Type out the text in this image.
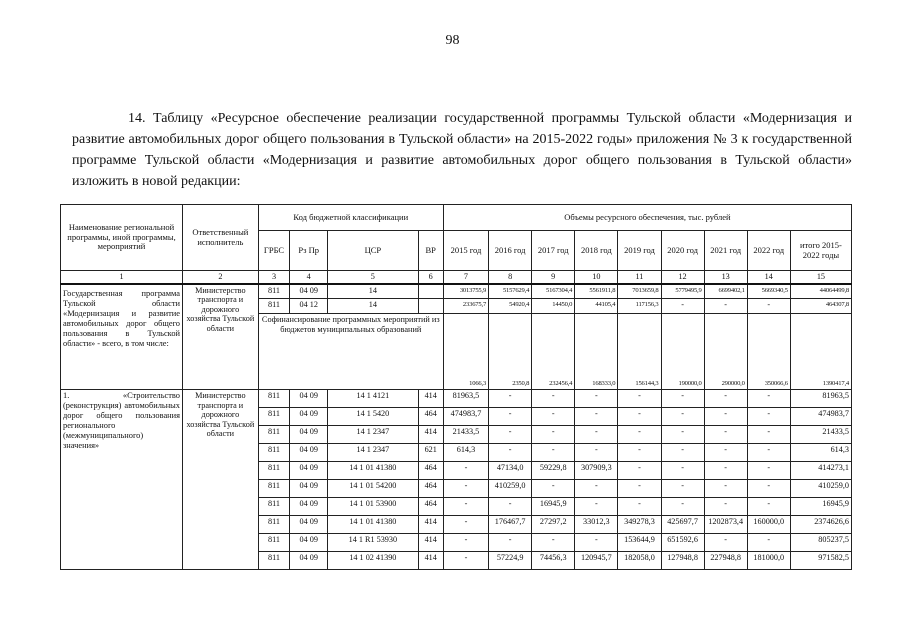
98
14. Таблицу «Ресурсное обеспечение реализации государственной программы Тульской области «Модернизация и развитие автомобильных дорог общего пользования в Тульской области» на 2015-2022 годы» приложения № 3 к государственной программе Тульской области «Модернизация и развитие автомобильных дорог общего пользования в Тульской области» изложить в новой редакции:
Наименование региональной программы, иной программы, мероприятий	Ответственный исполнитель	Код бюджетной классификации				Объемы ресурсного обеспечения, тыс. рублей								
		ГРБС	Рз Пр	ЦСР	ВР	2015 год	2016 год	2017 год	2018 год	2019 год	2020 год	2021 год	2022 год	итого 2015-2022 годы
1	2	3	4	5	6	7	8	9	10	11	12	13	14	15
Государственная программа Тульской области «Модернизация и развитие автомобильных дорог общего пользования в Тульской области» - всего, в том числе:	Министерство транспорта и дорожного хозяйства Тульской области	811	04 09	14		3013755,9	5157629,4	5167304,4	5561911,8	7013659,8	5779495,9	6699402,1	5669340,5	44064499,8
		811	04 12	14		233675,7	54920,4	14450,0	44105,4	117156,3	-	-	-	464307,8
		Софинансирование программных мероприятий из бюджетов муниципальных образований												
						1066,3	2350,8	232456,4	168333,0	156144,3	190000,0	290000,0	350066,6	1390417,4
1. «Строительство (реконструкция) автомобильных дорог общего пользования регионального (межмуниципального) значения»	Министерство транспорта и дорожного хозяйства Тульской области	811	04 09	14 1 4121	414	81963,5	-	-	-	-	-	-	-	81963,5
		811	04 09	14 1 5420	464	474983,7	-	-	-	-	-	-	-	474983,7
		811	04 09	14 1 2347	414	21433,5	-	-	-	-	-	-	-	21433,5
		811	04 09	14 1 2347	621	614,3	-	-	-	-	-	-	-	614,3
		811	04 09	14 1 01 41380	464	-	47134,0	59229,8	307909,3	-	-	-	-	414273,1
		811	04 09	14 1 01 54200	464	-	410259,0	-	-	-	-	-	-	410259,0
		811	04 09	14 1 01 53900	464	-	-	16945,9	-	-	-	-	-	16945,9
		811	04 09	14 1 01 41380	414	-	176467,7	27297,2	33012,3	349278,3	425697,7	1202873,4	160000,0	2374626,6
		811	04 09	14 1 R1 53930	414	-	-	-	-	153644,9	651592,6	-	-	805237,5
		811	04 09	14 1 02 41390	414	-	57224,9	74456,3	120945,7	182058,0	127948,8	227948,8	181000,0	971582,5
